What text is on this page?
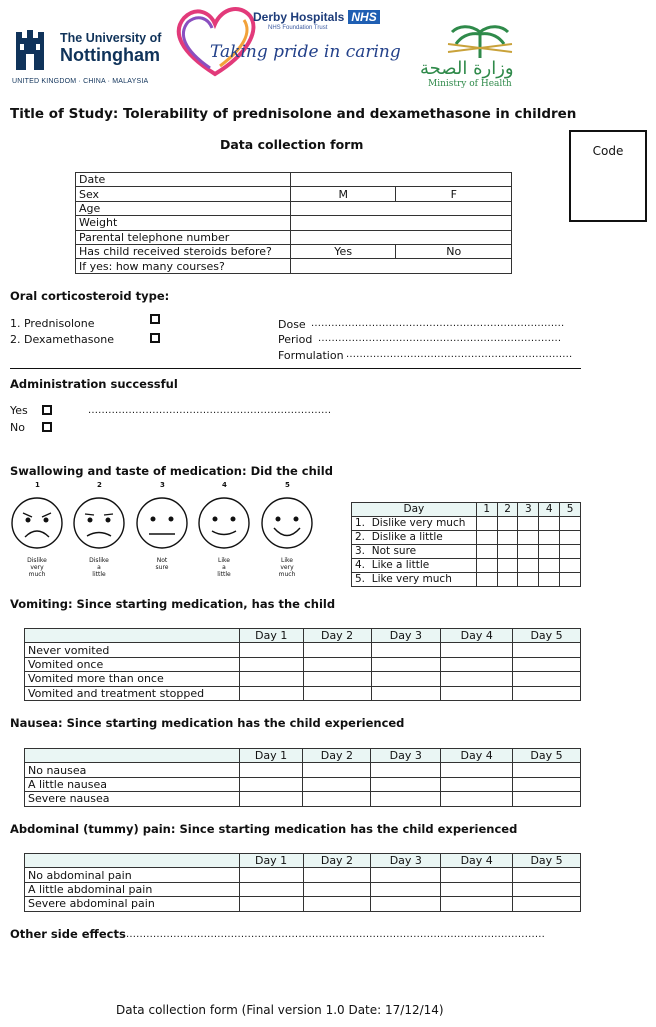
The University of
Nottingham
UNITED KINGDOM · CHINA · MALAYSIA
Derby Hospitals NHS
NHS Foundation Trust
Taking pride in caring
وزارة الصحة
Ministry of Health
Title of Study: Tolerability of prednisolone and dexamethasone in children
Data collection form	Code
Date		
Sex	M	F
Age		
Weight		
Parental telephone number		
Has child received steroids before?	Yes	No
If yes: how many courses?		
Oral corticosteroid type:
1. Prednisolone
2. Dexamethasone
Dose ...........................................................................
Period ........................................................................
Formulation ...................................................................
Administration successful
Yes	........................................................................
No
Swallowing and taste of medication: Did the child
1	2	3	4	5
Dislike
very
much
Dislike
a
little
Not
sure
Like
a
little
Like
very
much
Day	1	2	3	4	5
1. Dislike very much					
2. Dislike a little					
3. Not sure					
4. Like a little					
5. Like very much					
Vomiting: Since starting medication, has the child
	Day 1	Day 2	Day 3	Day 4	Day 5
Never vomited					
Vomited once					
Vomited more than once					
Vomited and treatment stopped					
Nausea: Since starting medication has the child experienced
	Day 1	Day 2	Day 3	Day 4	Day 5
No nausea					
A little nausea					
Severe nausea					
Abdominal (tummy) pain: Since starting medication has the child experienced
	Day 1	Day 2	Day 3	Day 4	Day 5
No abdominal pain					
A little abdominal pain					
Severe abdominal pain					
Other side effects ............................................................................................................................
Data collection form (Final version 1.0 Date: 17/12/14)
